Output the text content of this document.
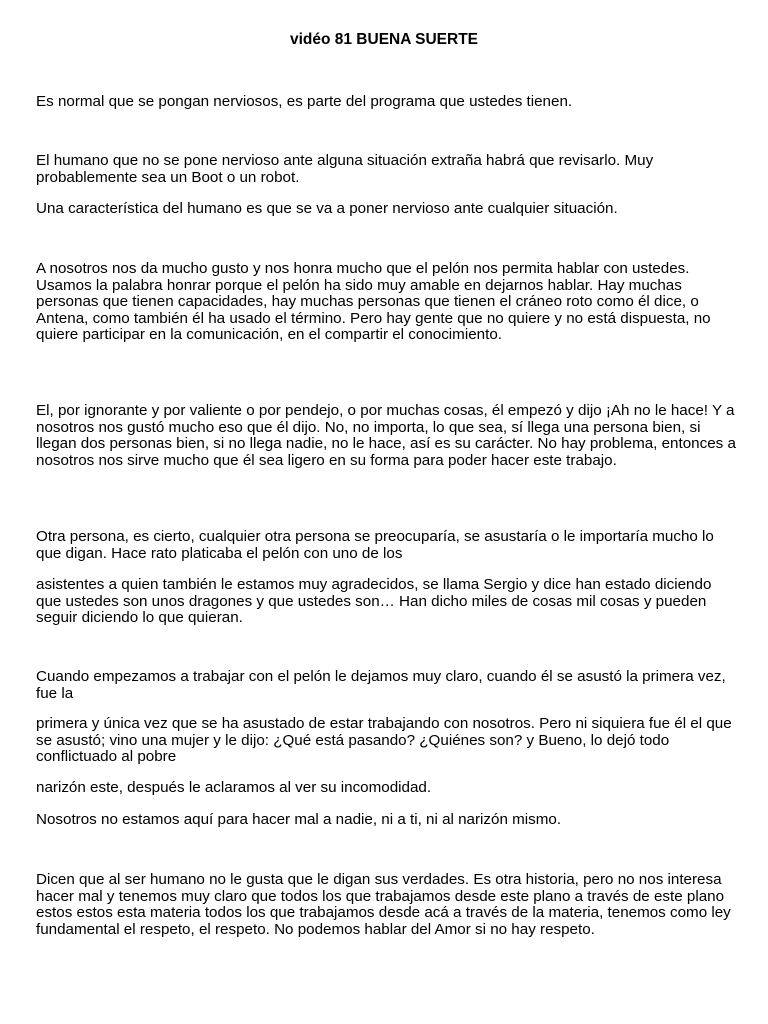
vidéo 81 BUENA SUERTE

Es normal que se pongan nerviosos, es parte del programa que ustedes tienen.

El humano que no se pone nervioso ante alguna situación extraña habrá que revisarlo. Muy probablemente sea un Boot o un robot.

Una característica del humano es que se va a poner nervioso ante cualquier situación.

A nosotros nos da mucho gusto y nos honra mucho que el pelón nos permita hablar con ustedes. Usamos la palabra honrar porque el pelón ha sido muy amable en dejarnos hablar. Hay muchas personas que tienen capacidades, hay muchas personas que tienen el cráneo roto como él dice, o Antena, como también él ha usado el término. Pero hay gente que no quiere y no está dispuesta, no quiere participar en la comunicación, en el compartir el conocimiento.

El, por ignorante y por valiente o por pendejo, o por muchas cosas, él empezó y dijo ¡Ah no le hace! Y a nosotros nos gustó mucho eso que él dijo. No, no importa, lo que sea, sí llega una persona bien, si llegan dos personas bien, si no llega nadie, no le hace, así es su carácter. No hay problema, entonces a nosotros nos sirve mucho que él sea ligero en su forma para poder hacer este trabajo.

Otra persona, es cierto, cualquier otra persona se preocuparía, se asustaría o le importaría mucho lo que digan. Hace rato platicaba el pelón con uno de los

asistentes a quien también le estamos muy agradecidos, se llama Sergio y dice han estado diciendo que ustedes son unos dragones y que ustedes son… Han dicho miles de cosas mil cosas y pueden seguir diciendo lo que quieran.

Cuando empezamos a trabajar con el pelón le dejamos muy claro, cuando él se asustó la primera vez, fue la

primera y única vez que se ha asustado de estar trabajando con nosotros. Pero ni siquiera fue él el que se asustó; vino una mujer y le dijo: ¿Qué está pasando? ¿Quiénes son? y Bueno, lo dejó todo conflictuado al pobre

narizón este, después le aclaramos al ver su incomodidad.

Nosotros no estamos aquí para hacer mal a nadie, ni a ti, ni al narizón mismo.

Dicen que al ser humano no le gusta que le digan sus verdades. Es otra historia, pero no nos interesa hacer mal y tenemos muy claro que todos los que trabajamos desde este plano a través de este plano estos estos esta materia todos los que trabajamos desde acá a través de la materia, tenemos como ley fundamental el respeto, el respeto. No podemos hablar del Amor si no hay respeto.
